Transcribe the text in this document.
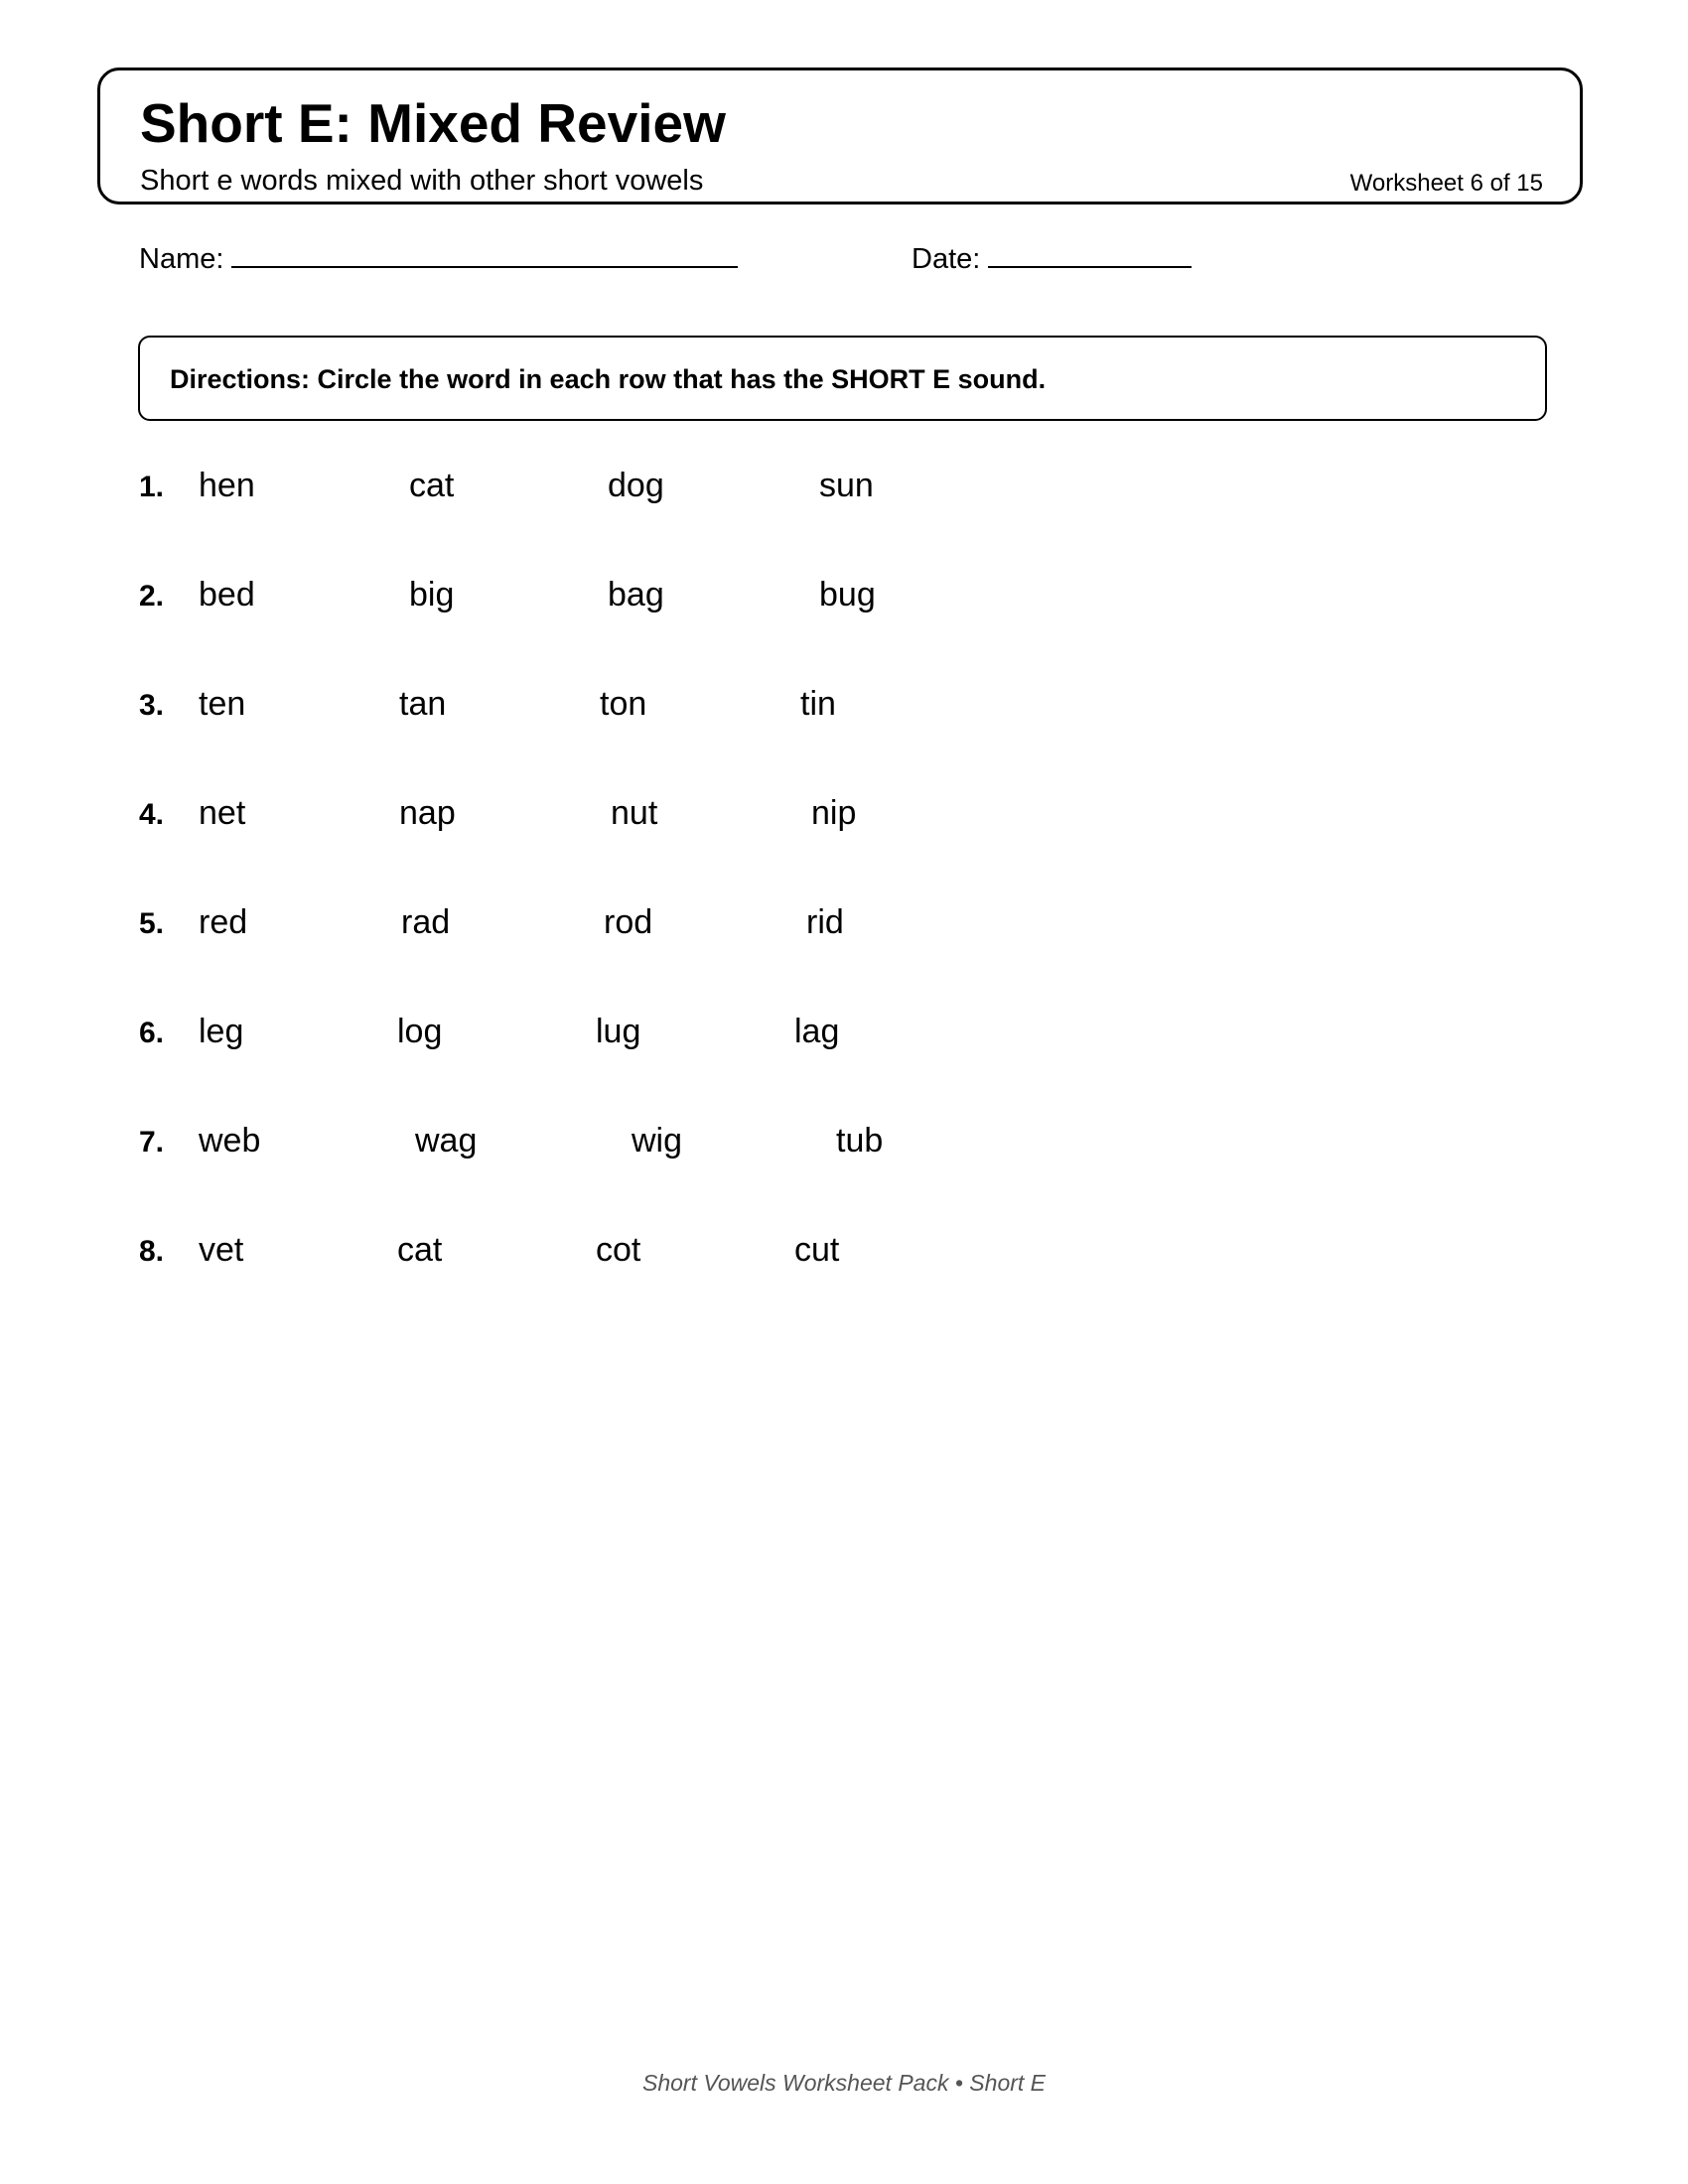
Short E: Mixed Review
Short e words mixed with other short vowels	Worksheet 6 of 15
Name:	Date:
Directions: Circle the word in each row that has the SHORT E sound.
1. hen	cat	dog	sun
2. bed	big	bag	bug
3. ten	tan	ton	tin
4. net	nap	nut	nip
5. red	rad	rod	rid
6. leg	log	lug	lag
7. web	wag	wig	tub
8. vet	cat	cot	cut
Short Vowels Worksheet Pack • Short E
